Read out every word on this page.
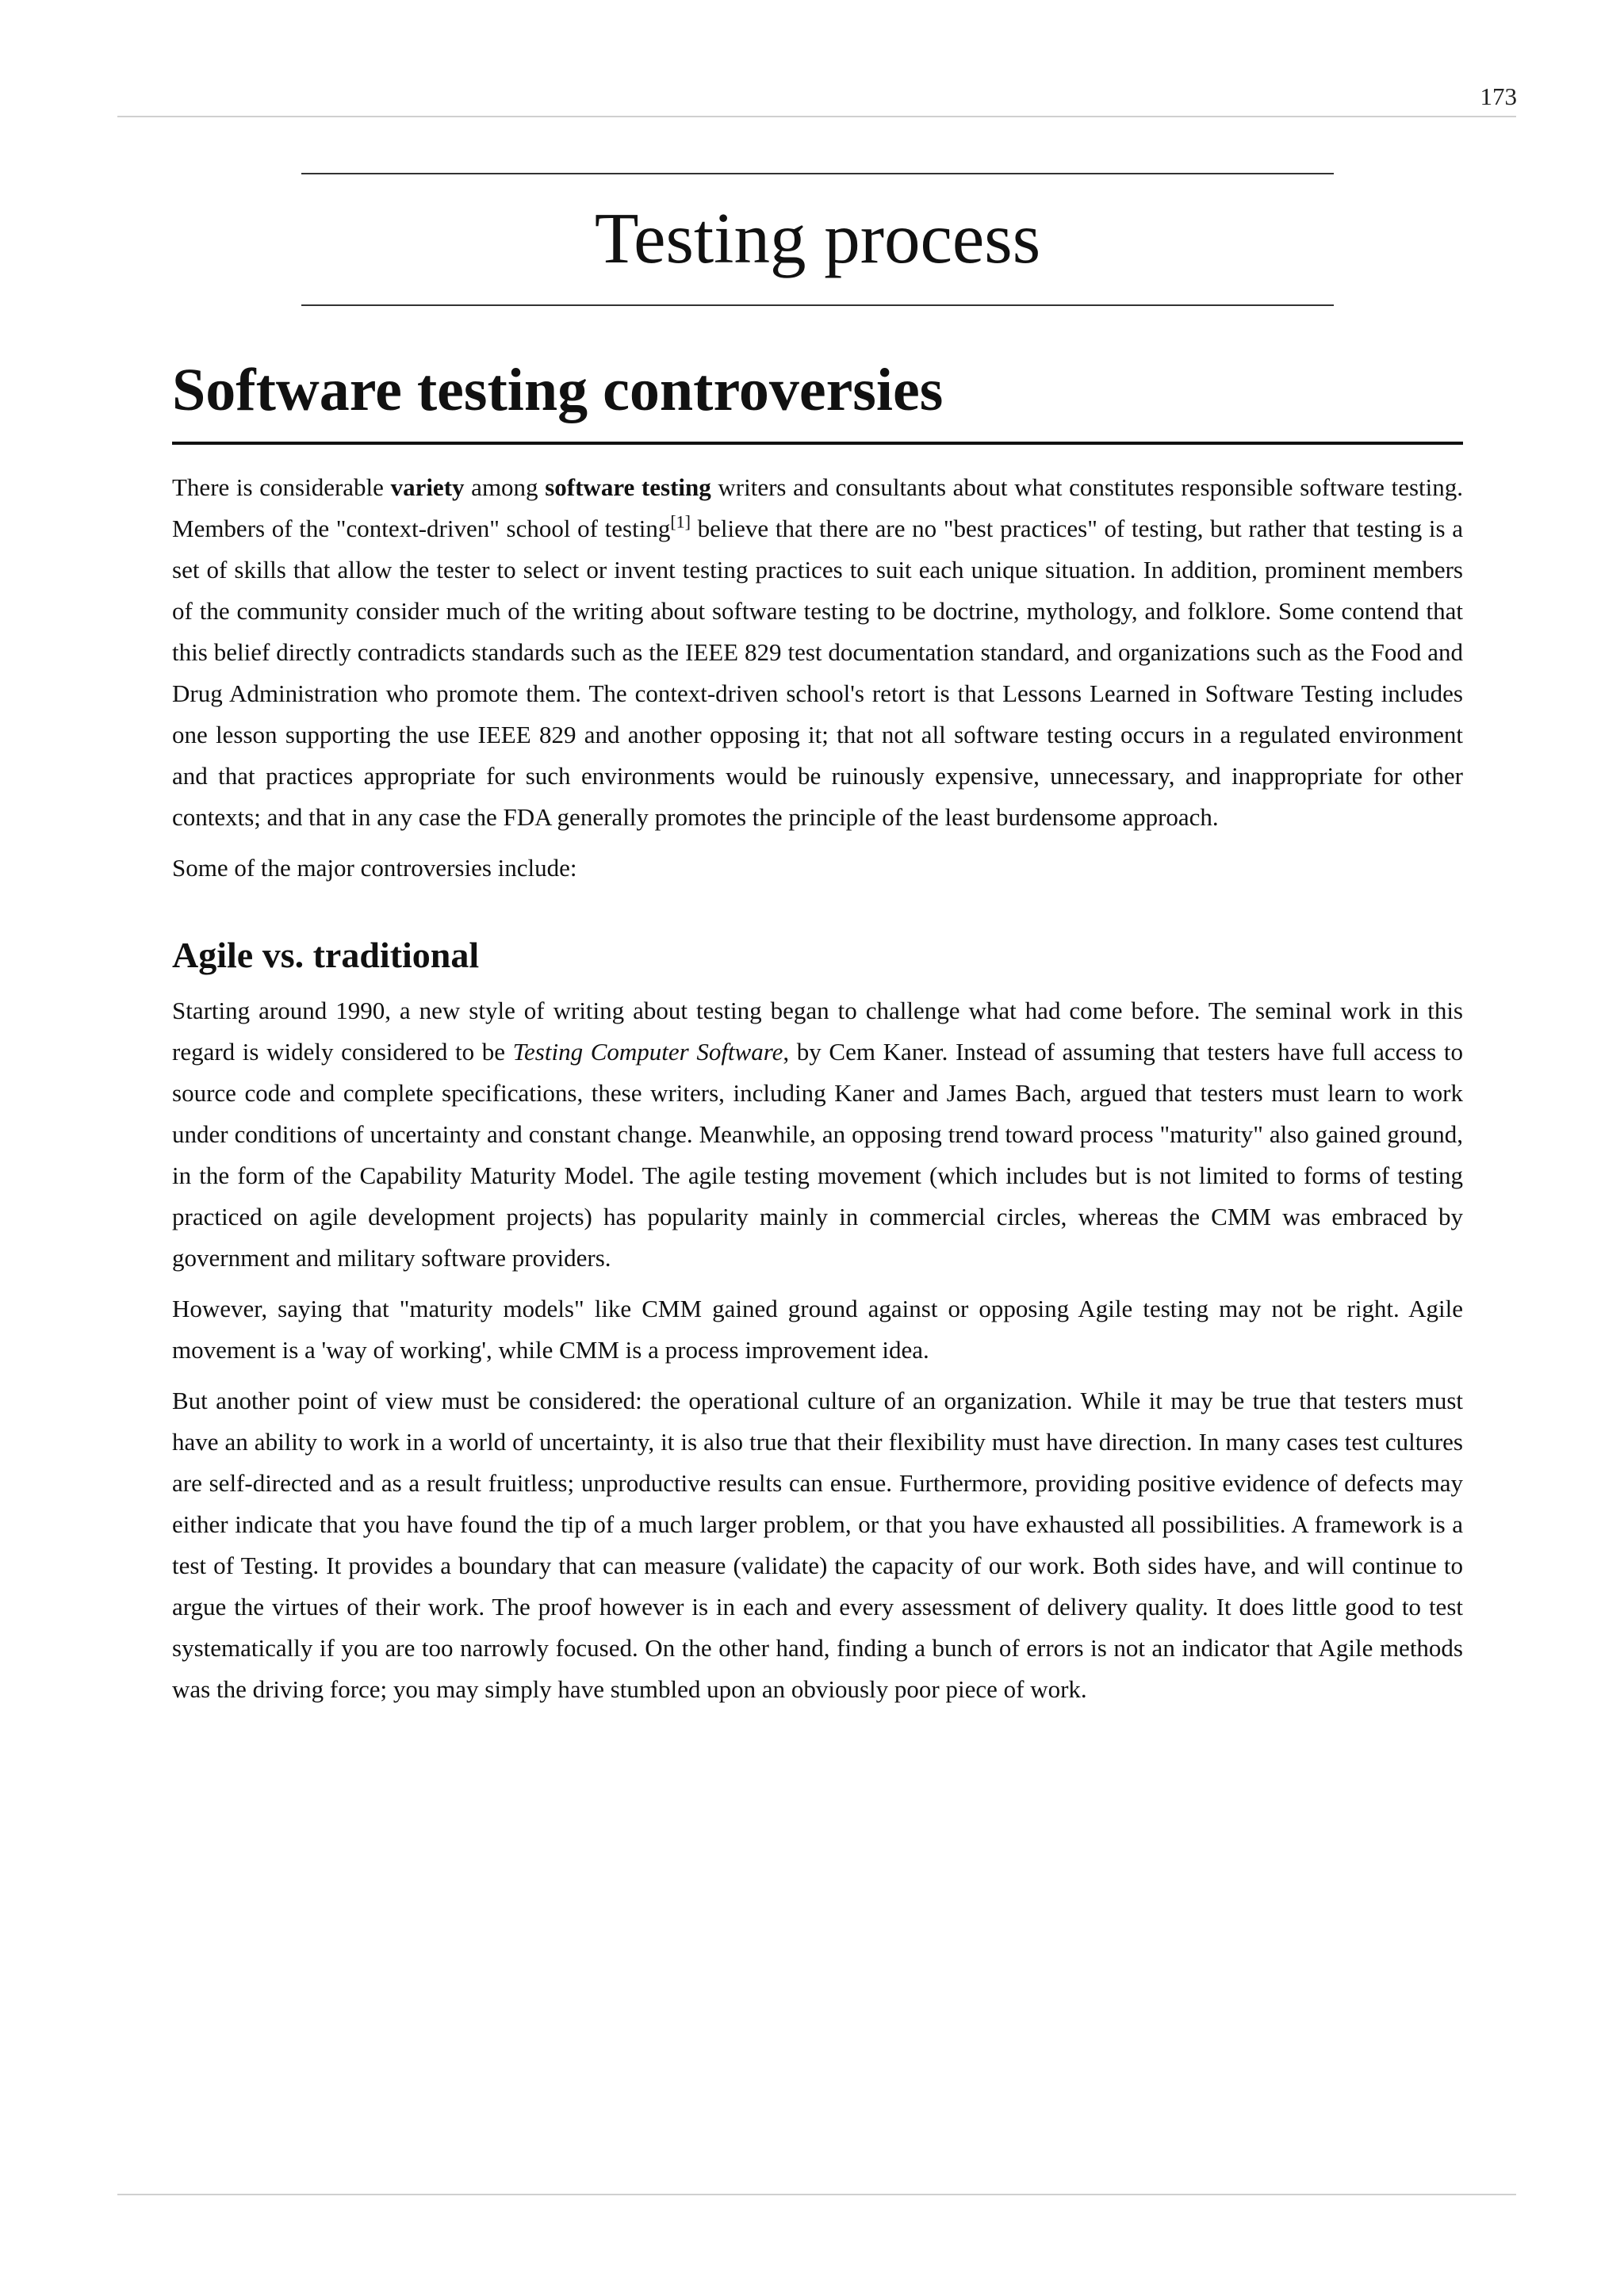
173
Testing process
Software testing controversies

There is considerable variety among software testing writers and consultants about what constitutes responsible software testing. Members of the "context-driven" school of testing[1] believe that there are no "best practices" of testing, but rather that testing is a set of skills that allow the tester to select or invent testing practices to suit each unique situation. In addition, prominent members of the community consider much of the writing about software testing to be doctrine, mythology, and folklore. Some contend that this belief directly contradicts standards such as the IEEE 829 test documentation standard, and organizations such as the Food and Drug Administration who promote them. The context-driven school's retort is that Lessons Learned in Software Testing includes one lesson supporting the use IEEE 829 and another opposing it; that not all software testing occurs in a regulated environment and that practices appropriate for such environments would be ruinously expensive, unnecessary, and inappropriate for other contexts; and that in any case the FDA generally promotes the principle of the least burdensome approach.

Some of the major controversies include:

Agile vs. traditional

Starting around 1990, a new style of writing about testing began to challenge what had come before. The seminal work in this regard is widely considered to be Testing Computer Software, by Cem Kaner. Instead of assuming that testers have full access to source code and complete specifications, these writers, including Kaner and James Bach, argued that testers must learn to work under conditions of uncertainty and constant change. Meanwhile, an opposing trend toward process "maturity" also gained ground, in the form of the Capability Maturity Model. The agile testing movement (which includes but is not limited to forms of testing practiced on agile development projects) has popularity mainly in commercial circles, whereas the CMM was embraced by government and military software providers.

However, saying that "maturity models" like CMM gained ground against or opposing Agile testing may not be right. Agile movement is a 'way of working', while CMM is a process improvement idea.

But another point of view must be considered: the operational culture of an organization. While it may be true that testers must have an ability to work in a world of uncertainty, it is also true that their flexibility must have direction. In many cases test cultures are self-directed and as a result fruitless; unproductive results can ensue. Furthermore, providing positive evidence of defects may either indicate that you have found the tip of a much larger problem, or that you have exhausted all possibilities. A framework is a test of Testing. It provides a boundary that can measure (validate) the capacity of our work. Both sides have, and will continue to argue the virtues of their work. The proof however is in each and every assessment of delivery quality. It does little good to test systematically if you are too narrowly focused. On the other hand, finding a bunch of errors is not an indicator that Agile methods was the driving force; you may simply have stumbled upon an obviously poor piece of work.
